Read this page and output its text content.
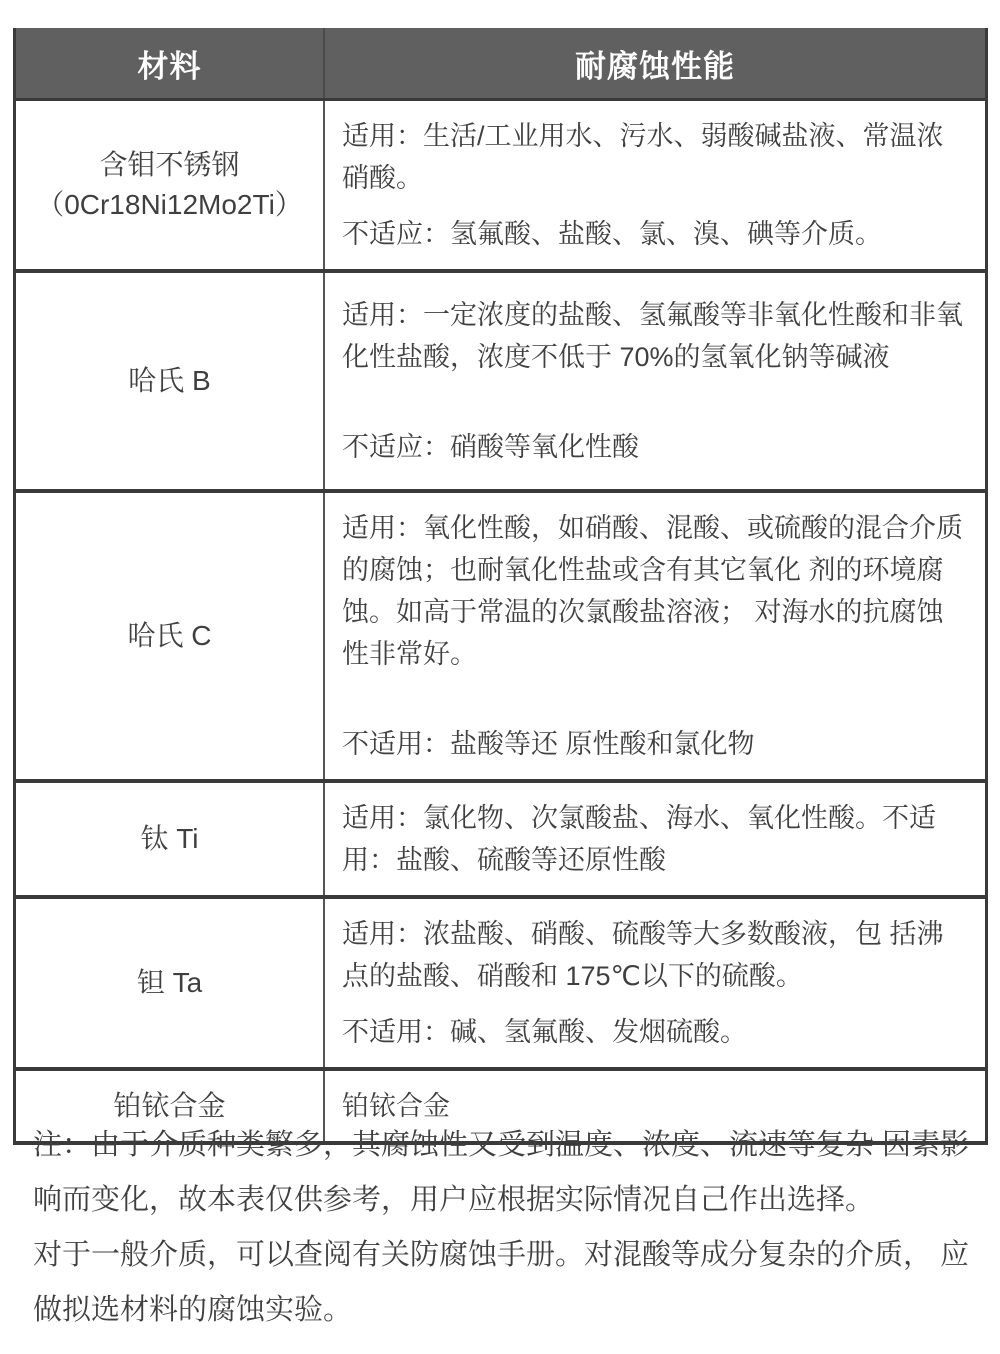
材料	耐腐蚀性能
含钼不锈钢
（0Cr18Ni12Mo2Ti）

适用：生活/工业用水、污水、弱酸碱盐液、常温浓硝酸。

不适应：氢氟酸、盐酸、氯、溴、碘等介质。

哈氏 B

适用：一定浓度的盐酸、氢氟酸等非氧化性酸和非氧化性盐酸，浓度不低于 70%的氢氧化钠等碱液

不适应：硝酸等氧化性酸

哈氏 C

适用：氧化性酸，如硝酸、混酸、或硫酸的混合介质的腐蚀；也耐氧化性盐或含有其它氧化 剂的环境腐蚀。如高于常温的次氯酸盐溶液； 对海水的抗腐蚀性非常好。

不适用：盐酸等还 原性酸和氯化物

钛 Ti

适用：氯化物、次氯酸盐、海水、氧化性酸。不适用：盐酸、硫酸等还原性酸

钽 Ta

适用：浓盐酸、硝酸、硫酸等大多数酸液，包 括沸点的盐酸、硝酸和 175℃以下的硫酸。

不适用：碱、氢氟酸、发烟硫酸。

铂铱合金	铂铱合金

注：由于介质种类繁多，其腐蚀性又受到温度、浓度、流速等复杂 因素影响而变化，故本表仅供参考，用户应根据实际情况自己作出选择。

对于一般介质，可以查阅有关防腐蚀手册。对混酸等成分复杂的介质， 应做拟选材料的腐蚀实验。
